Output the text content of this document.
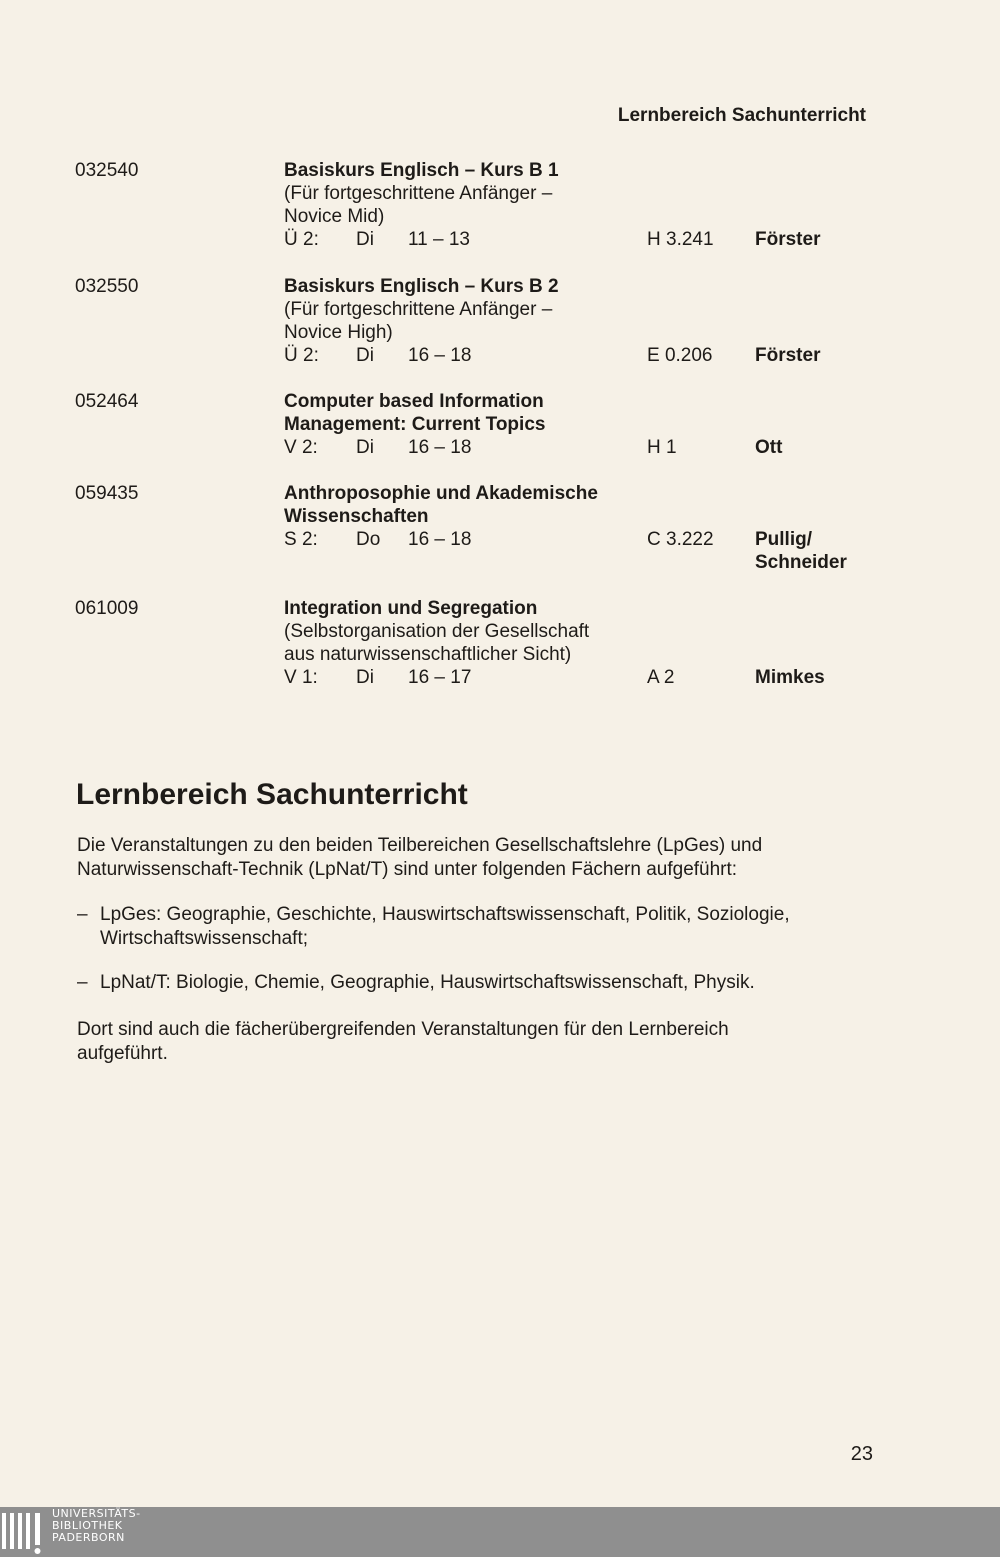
Lernbereich Sachunterricht
032540	Basiskurs Englisch – Kurs B 1
(Für fortgeschrittene Anfänger –
Novice Mid)
Ü 2: Di 11 – 13	H 3.241 Förster
032550	Basiskurs Englisch – Kurs B 2
(Für fortgeschrittene Anfänger –
Novice High)
Ü 2: Di 16 – 18	E 0.206 Förster
052464	Computer based Information
Management: Current Topics
V 2: Di 16 – 18	H 1	Ott
059435	Anthroposophie und Akademische
Wissenschaften
S 2: Do 16 – 18	C 3.222 Pullig/
Schneider
061009	Integration und Segregation
(Selbstorganisation der Gesellschaft
aus naturwissenschaftlicher Sicht)
V 1: Di 16 – 17	A 2	Mimkes
Lernbereich Sachunterricht
Die Veranstaltungen zu den beiden Teilbereichen Gesellschaftslehre (LpGes) und
Naturwissenschaft-Technik (LpNat/T) sind unter folgenden Fächern aufgeführt:
– LpGes: Geographie, Geschichte, Hauswirtschaftswissenschaft, Politik, Soziologie,
Wirtschaftswissenschaft;
– LpNat/T: Biologie, Chemie, Geographie, Hauswirtschaftswissenschaft, Physik.
Dort sind auch die fächerübergreifenden Veranstaltungen für den Lernbereich
aufgeführt.
23
UNIVERSITÄTS-
BIBLIOTHEK
PADERBORN
